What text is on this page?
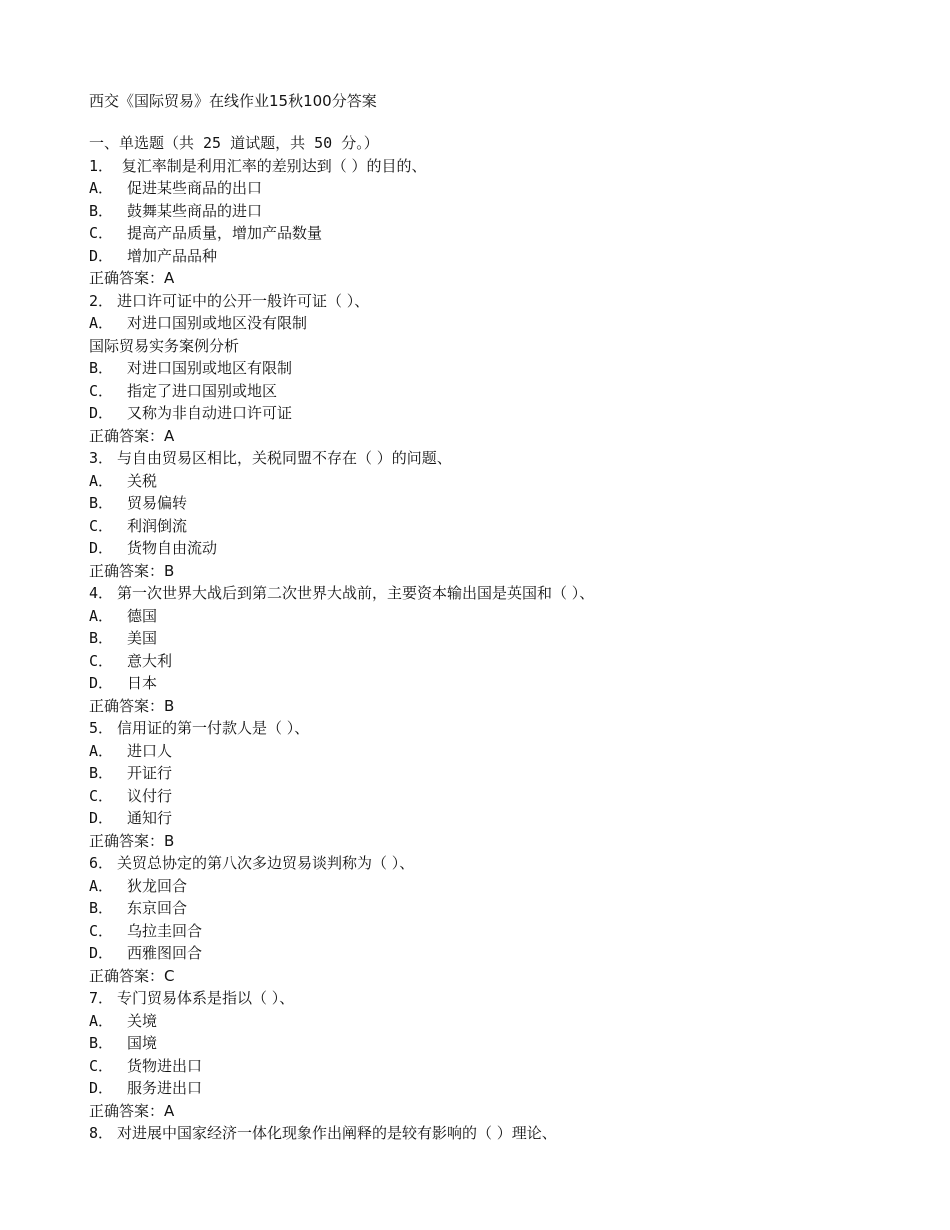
西交《国际贸易》在线作业15秋100分答案
一、单选题（共 25 道试题，共 50 分。）
1． 复汇率制是利用汇率的差别达到（ ）的目的、
A． 促进某些商品的出口
B． 鼓舞某些商品的进口
C． 提高产品质量，增加产品数量
D． 增加产品品种
正确答案：A
2． 进口许可证中的公开一般许可证（ ）、
A． 对进口国别或地区没有限制
国际贸易实务案例分析
B． 对进口国别或地区有限制
C． 指定了进口国别或地区
D． 又称为非自动进口许可证
正确答案：A
3． 与自由贸易区相比，关税同盟不存在（ ）的问题、
A． 关税
B． 贸易偏转
C． 利润倒流
D． 货物自由流动
正确答案：B
4． 第一次世界大战后到第二次世界大战前，主要资本输出国是英国和（ ）、
A． 德国
B． 美国
C． 意大利
D． 日本
正确答案：B
5． 信用证的第一付款人是（ ）、
A． 进口人
B． 开证行
C． 议付行
D． 通知行
正确答案：B
6． 关贸总协定的第八次多边贸易谈判称为（ ）、
A． 狄龙回合
B． 东京回合
C． 乌拉圭回合
D． 西雅图回合
正确答案：C
7． 专门贸易体系是指以（ ）、
A． 关境
B． 国境
C． 货物进出口
D． 服务进出口
正确答案：A
8． 对进展中国家经济一体化现象作出阐释的是较有影响的（ ）理论、
